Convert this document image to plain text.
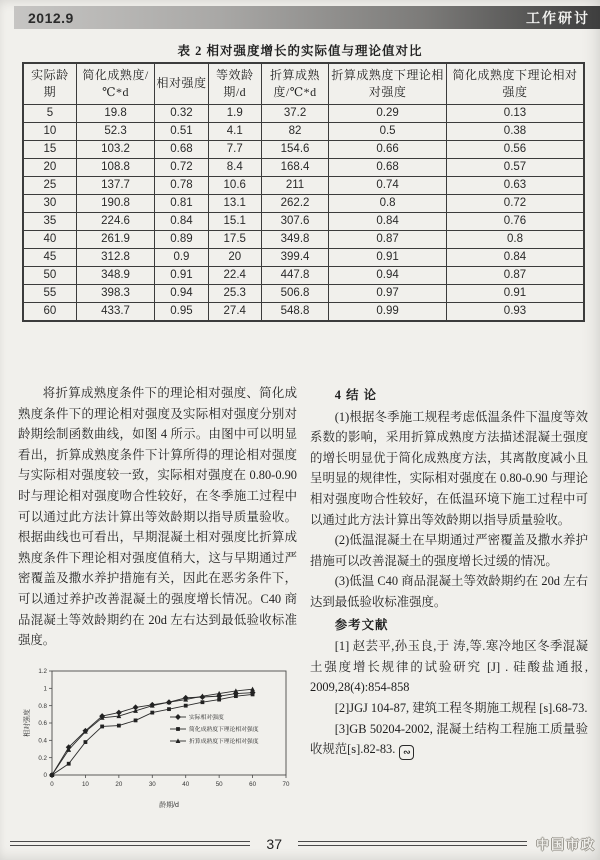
2012.9	工作研讨
表 2 相对强度增长的实际值与理论值对比
实际龄期	简化成熟度/℃*d	相对强度	等效龄期/d	折算成熟度/℃*d	折算成熟度下理论相对强度	简化成熟度下理论相对强度
5	19.8	0.32	1.9	37.2	0.29	0.13
10	52.3	0.51	4.1	82	0.5	0.38
15	103.2	0.68	7.7	154.6	0.66	0.56
20	108.8	0.72	8.4	168.4	0.68	0.57
25	137.7	0.78	10.6	211	0.74	0.63
30	190.8	0.81	13.1	262.2	0.8	0.72
35	224.6	0.84	15.1	307.6	0.84	0.76
40	261.9	0.89	17.5	349.8	0.87	0.8
45	312.8	0.9	20	399.4	0.91	0.84
50	348.9	0.91	22.4	447.8	0.94	0.87
55	398.3	0.94	25.3	506.8	0.97	0.91
60	433.7	0.95	27.4	548.8	0.99	0.93

将折算成熟度条件下的理论相对强度、简化成熟度条件下的理论相对强度及实际相对强度分别对龄期绘制函数曲线，如图 4 所示。由图中可以明显看出，折算成熟度条件下计算所得的理论相对强度与实际相对强度较一致，实际相对强度在 0.80-0.90 时与理论相对强度吻合性较好，在冬季施工过程中可以通过此方法计算出等效龄期以指导质量验收。根据曲线也可看出，早期混凝土相对强度比折算成熟度条件下理论相对强度值稍大，这与早期通过严密覆盖及撒水养护措施有关，因此在恶劣条件下，可以通过养护改善混凝土的强度增长情况。C40 商品混凝土等效龄期约在 20d 左右达到最低验收标准强度。

0
0.2
0.4
0.6
0.8
1
1.2
0	10	20	30	40	50	60	70
龄期/d
相对强度	实际相对强度
简化成熟度下理论相对强度
折算成熟度下理论相对强度
4 结 论

(1)根据冬季施工规程考虑低温条件下温度等效系数的影响，采用折算成熟度方法描述混凝土强度的增长明显优于简化成熟度方法，其离散度减小且呈明显的规律性，实际相对强度在 0.80-0.90 与理论相对强度吻合性较好，在低温环境下施工过程中可以通过此方法计算出等效龄期以指导质量验收。

(2)低温混凝土在早期通过严密覆盖及撒水养护措施可以改善混凝土的强度增长过缓的情况。

(3)低温 C40 商品混凝土等效龄期约在 20d 左右达到最低验收标准强度。

参考文献

[1] 赵芸平,孙玉良,于 涛,等.寒冷地区冬季混凝土强度增长规律的试验研究 [J] . 硅酸盐通报, 2009,28(4):854-858

[2]JGJ 104-87, 建筑工程冬期施工规程 [s].68-73.

[3]GB 50204-2002, 混凝土结构工程施工质量验收规范[s].82-83. ∾

37	中国市政
